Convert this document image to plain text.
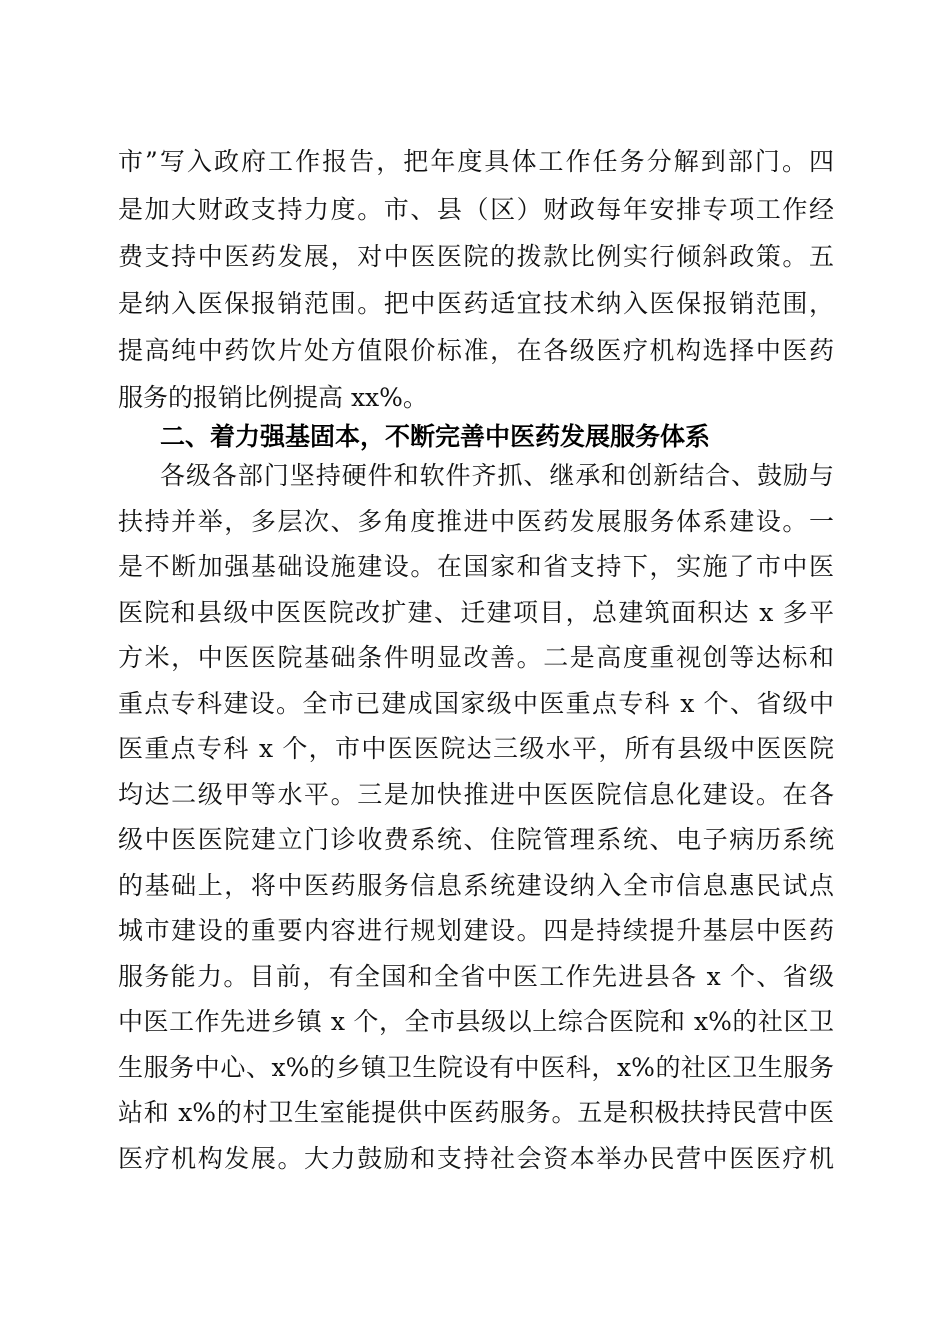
市”写入政府工作报告，把年度具体工作任务分解到部门。四
是加大财政支持力度。市、县（区）财政每年安排专项工作经
费支持中医药发展，对中医医院的拨款比例实行倾斜政策。五
是纳入医保报销范围。把中医药适宜技术纳入医保报销范围，
提高纯中药饮片处方值限价标准，在各级医疗机构选择中医药
服务的报销比例提高 xx%。
二、着力强基固本，不断完善中医药发展服务体系
各级各部门坚持硬件和软件齐抓、继承和创新结合、鼓励与
扶持并举，多层次、多角度推进中医药发展服务体系建设。一
是不断加强基础设施建设。在国家和省支持下，实施了市中医
医院和县级中医医院改扩建、迁建项目，总建筑面积达 x 多平
方米，中医医院基础条件明显改善。二是高度重视创等达标和
重点专科建设。全市已建成国家级中医重点专科 x 个、省级中
医重点专科 x 个，市中医医院达三级水平，所有县级中医医院
均达二级甲等水平。三是加快推进中医医院信息化建设。在各
级中医医院建立门诊收费系统、住院管理系统、电子病历系统
的基础上，将中医药服务信息系统建设纳入全市信息惠民试点
城市建设的重要内容进行规划建设。四是持续提升基层中医药
服务能力。目前，有全国和全省中医工作先进县各 x 个、省级
中医工作先进乡镇 x 个，全市县级以上综合医院和 x%的社区卫
生服务中心、x%的乡镇卫生院设有中医科，x%的社区卫生服务
站和 x%的村卫生室能提供中医药服务。五是积极扶持民营中医
医疗机构发展。大力鼓励和支持社会资本举办民营中医医疗机
